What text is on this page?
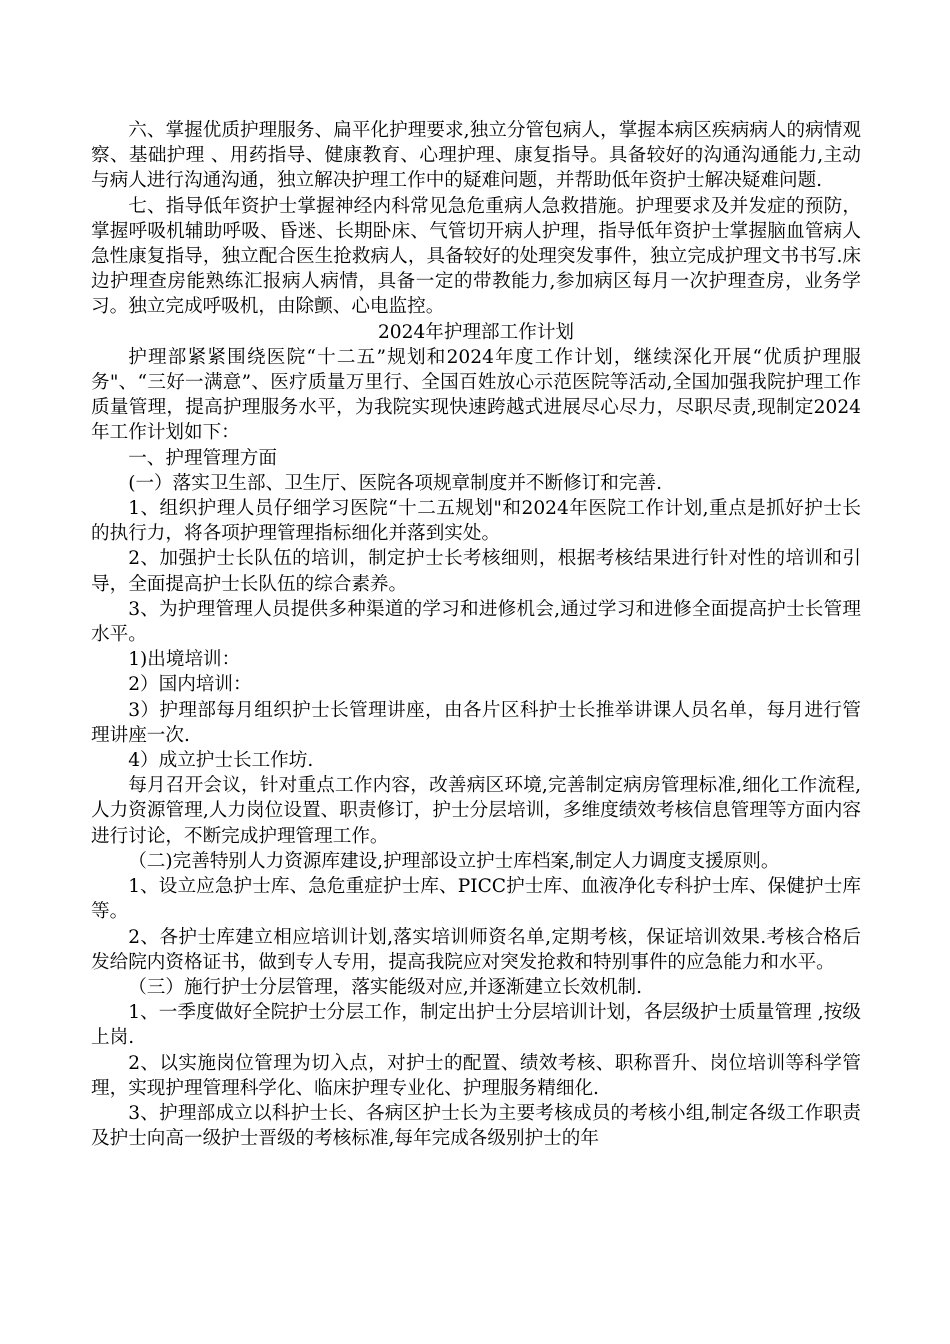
六、掌握优质护理服务、扁平化护理要求,独立分管包病人，掌握本病区疾病病人的病情观察、基础护理 、用药指导、健康教育、心理护理、康复指导。具备较好的沟通沟通能力,主动与病人进行沟通沟通，独立解决护理工作中的疑难问题，并帮助低年资护士解决疑难问题.

七、指导低年资护士掌握神经内科常见急危重病人急救措施。护理要求及并发症的预防，掌握呼吸机辅助呼吸、昏迷、长期卧床、气管切开病人护理，指导低年资护士掌握脑血管病人急性康复指导，独立配合医生抢救病人，具备较好的处理突发事件，独立完成护理文书书写.床边护理查房能熟练汇报病人病情，具备一定的带教能力,参加病区每月一次护理查房，业务学习。独立完成呼吸机，由除颤、心电监控。

2024年护理部工作计划

护理部紧紧围绕医院“十二五”规划和2024年度工作计划，继续深化开展“优质护理服务"、“三好一满意”、医疗质量万里行、全国百姓放心示范医院等活动,全国加强我院护理工作质量管理，提高护理服务水平，为我院实现快速跨越式进展尽心尽力，尽职尽责,现制定2024年工作计划如下：

一、护理管理方面

(一）落实卫生部、卫生厅、医院各项规章制度并不断修订和完善.

1、组织护理人员仔细学习医院“十二五规划"和2024年医院工作计划,重点是抓好护士长的执行力，将各项护理管理指标细化并落到实处。

2、加强护士长队伍的培训，制定护士长考核细则，根据考核结果进行针对性的培训和引导，全面提高护士长队伍的综合素养。

3、为护理管理人员提供多种渠道的学习和进修机会,通过学习和进修全面提高护士长管理水平。

1)出境培训：

2）国内培训：

3）护理部每月组织护士长管理讲座，由各片区科护士长推举讲课人员名单，每月进行管理讲座一次.

4）成立护士长工作坊.

每月召开会议，针对重点工作内容，改善病区环境,完善制定病房管理标准,细化工作流程,人力资源管理,人力岗位设置、职责修订，护士分层培训，多维度绩效考核信息管理等方面内容进行讨论，不断完成护理管理工作。

（二)完善特别人力资源库建设,护理部设立护士库档案,制定人力调度支援原则。

1、设立应急护士库、急危重症护士库、PICC护士库、血液净化专科护士库、保健护士库等。

2、各护士库建立相应培训计划,落实培训师资名单,定期考核，保证培训效果.考核合格后发给院内资格证书，做到专人专用，提高我院应对突发抢救和特别事件的应急能力和水平。

（三）施行护士分层管理，落实能级对应,并逐渐建立长效机制.

1、一季度做好全院护士分层工作，制定出护士分层培训计划，各层级护士质量管理 ,按级上岗.

2、以实施岗位管理为切入点，对护士的配置、绩效考核、职称晋升、岗位培训等科学管理，实现护理管理科学化、临床护理专业化、护理服务精细化.

3、护理部成立以科护士长、各病区护士长为主要考核成员的考核小组,制定各级工作职责及护士向高一级护士晋级的考核标准,每年完成各级别护士的年
